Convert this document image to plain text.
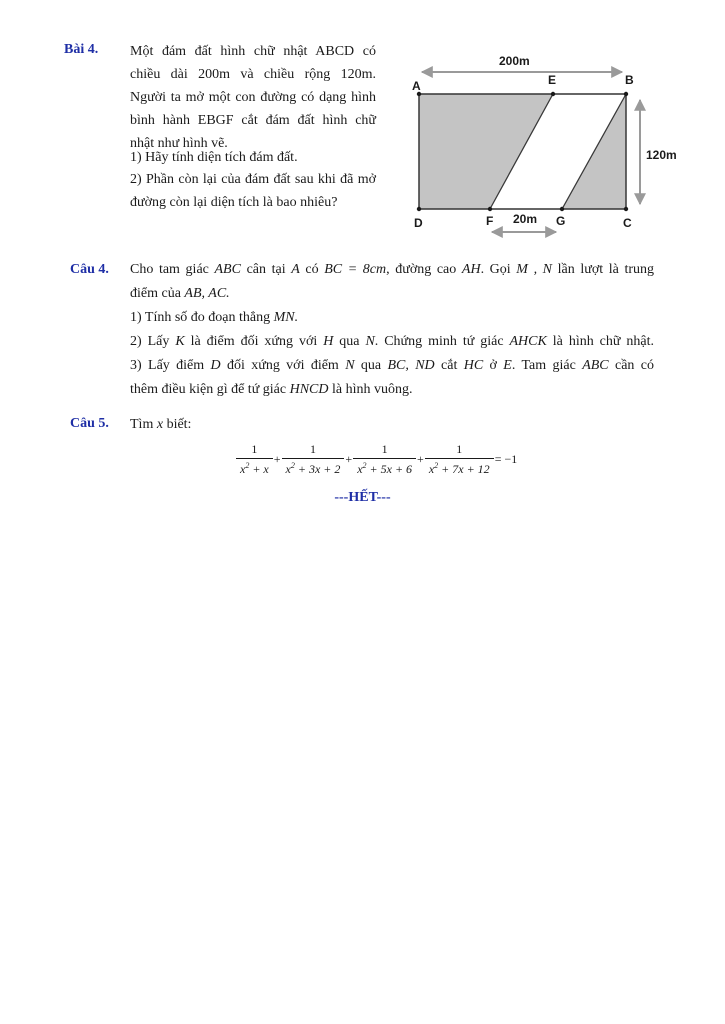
Bài 4. Một đám đất hình chữ nhật ABCD có
chiều dài 200m và chiều rộng 120m.
Người ta mở một con đường có dạng hình
bình hành EBGF cắt đám đất hình chữ
nhật như hình vẽ.
1) Hãy tính diện tích đám đất.
2) Phần còn lại của đám đất sau khi đã mở
đường còn lại diện tích là bao nhiêu?
A	E	B
D	F	G	C
200m
120m
20m
Câu 4. Cho tam giác ABC cân tại A có BC = 8cm, đường cao AH. Gọi M , N lần lượt là trung
điểm của AB, AC.
1) Tính số đo đoạn thẳng MN.
2) Lấy K là điểm đối xứng với H qua N. Chứng minh tứ giác AHCK là hình chữ nhật.
3) Lấy điểm D đối xứng với điểm N qua BC, ND cắt HC ở E. Tam giác ABC cần có
thêm điều kiện gì để tứ giác HNCD là hình vuông.
Câu 5. Tìm x biết:
$\frac{1}{x^2 + x} + \frac{1}{x^2 + 3x + 2} + \frac{1}{x^2 + 5x + 6} + \frac{1}{x^2 + 7x + 12} = -1$
---HẾT---
